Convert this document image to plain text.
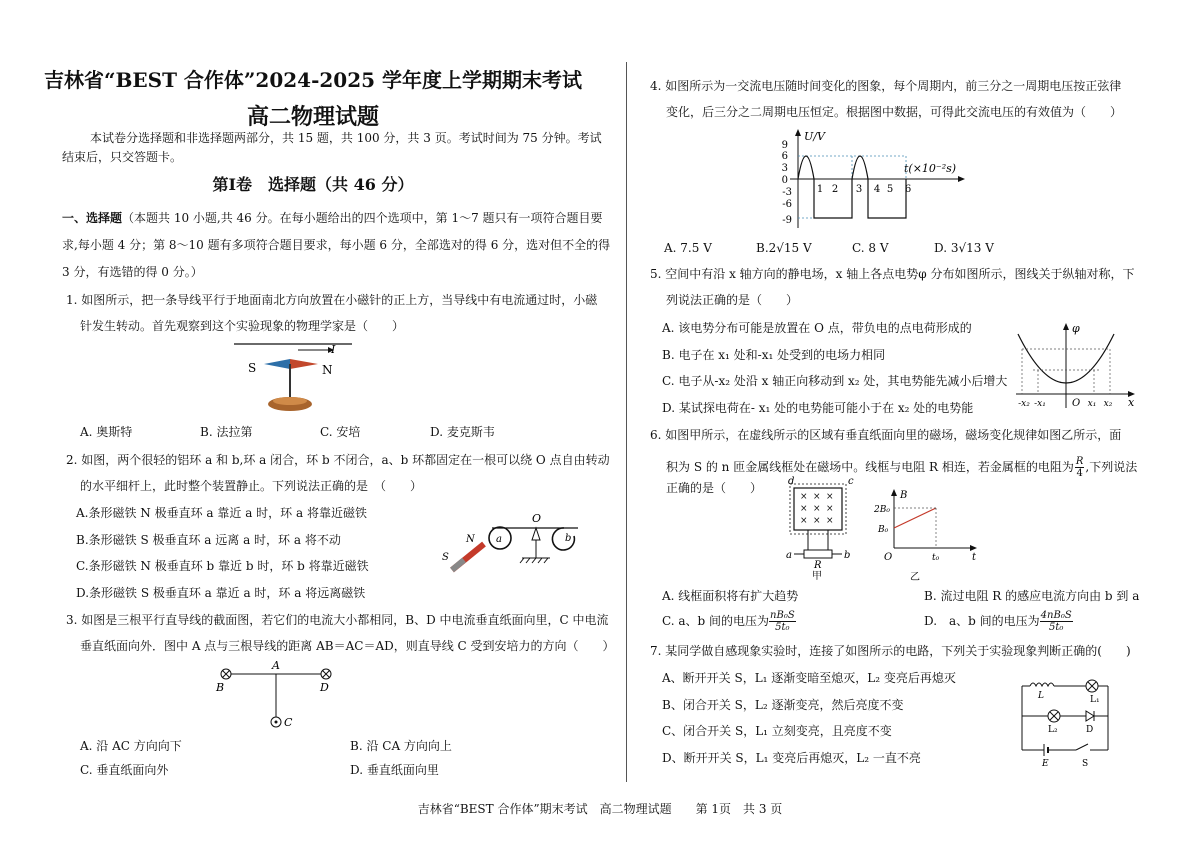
吉林省“BEST 合作体”2024-2025 学年度上学期期末考试
高二物理试题
本试卷分选择题和非选择题两部分，共 15 题，共 100 分，共 3 页。考试时间为 75 分钟。考试
结束后，只交答题卡。
第Ⅰ卷　选择题（共 46 分）
一、选择题（本题共 10 小题,共 46 分。在每小题给出的四个选项中，第 1～7 题只有一项符合题目要
求,每小题 4 分；第 8～10 题有多项符合题目要求，每小题 6 分，全部选对的得 6 分，选对但不全的得
3 分，有选错的得 0 分。）
1. 如图所示，把一条导线平行于地面南北方向放置在小磁针的正上方，当导线中有电流通过时，小磁
针发生转动。首先观察到这个实验现象的物理学家是（　　）
I
S	N
A. 奥斯特	B. 法拉第	C. 安培	D. 麦克斯韦
2. 如图，两个很轻的铝环 a 和 b,环 a 闭合，环 b 不闭合，a、b 环都固定在一根可以绕 O 点自由转动
的水平细杆上，此时整个装置静止。下列说法正确的是　（　　）
A.条形磁铁 N 极垂直环 a 靠近 a 时，环 a 将靠近磁铁
B.条形磁铁 S 极垂直环 a 远离 a 时，环 a 将不动
C.条形磁铁 N 极垂直环 b 靠近 b 时，环 b 将靠近磁铁
D.条形磁铁 S 极垂直环 a 靠近 a 时，环 a 将远离磁铁
O
a	b
N
S
3. 如图是三根平行直导线的截面图，若它们的电流大小都相同，B、D 中电流垂直纸面向里，C 中电流
垂直纸面向外．图中 A 点与三根导线的距离 AB＝AC＝AD，则直导线 C 受到安培力的方向（　　）
A
B	D
C
A. 沿 AC 方向向下	B. 沿 CA 方向向上
C. 垂直纸面向外	D. 垂直纸面向里
4. 如图所示为一交流电压随时间变化的图象，每个周期内，前三分之一周期电压按正弦律
变化，后三分之二周期电压恒定。根据图中数据，可得此交流电压的有效值为（　　）
U/V
t(×10⁻²s)
9
6
3
0
-3
-6
-9
1 2 3 4 5 6
A. 7.5 V	B.2√15 V	C. 8 V	D. 3√13 V
5. 空间中有沿 x 轴方向的静电场，x 轴上各点电势φ 分布如图所示，图线关于纵轴对称，下
列说法正确的是（　　）
A. 该电势分布可能是放置在 O 点，带负电的点电荷形成的
B. 电子在 x₁ 处和-x₁ 处受到的电场力相同
C. 电子从-x₂ 处沿 x 轴正向移动到 x₂ 处，其电势能先减小后增大
D. 某试探电荷在- x₁ 处的电势能可能小于在 x₂ 处的电势能
φ
x
-x₂ -x₁	O x₁ x₂
6. 如图甲所示，在虚线所示的区域有垂直纸面向里的磁场，磁场变化规律如图乙所示，面
积为 S 的 n 匝金属线框处在磁场中。线框与电阻 R 相连，若金属框的电阻为 $\frac{R}{4}$ ,下列说法
正确的是（　　）	d	c
× × ×
× × ×
× × ×
a	b
R
甲
B
2B₀
B₀
O	t
t₀
乙
A. 线框面积将有扩大趋势	B. 流过电阻 R 的感应电流方向由 b 到 a
C. a、b 间的电压为 $\frac{\text{nB₀S}}{\text{5t₀}}$	D.　a、b 间的电压为 $\frac{\text{4nB₀S}}{\text{5t₀}}$
7. 某同学做自感现象实验时，连接了如图所示的电路，下列关于实验现象判断正确的(　　)
A、断开开关 S，L₁ 逐渐变暗至熄灭，L₂ 变亮后再熄灭
B、闭合开关 S，L₂ 逐渐变亮，然后亮度不变
C、闭合开关 S，L₁ 立刻变亮，且亮度不变
D、断开开关 S，L₁ 变亮后再熄灭，L₂ 一直不亮
L	L₁
L₂	D
E	S
吉林省“BEST 合作体”期末考试　高二物理试题　　第 1页　共 3 页
